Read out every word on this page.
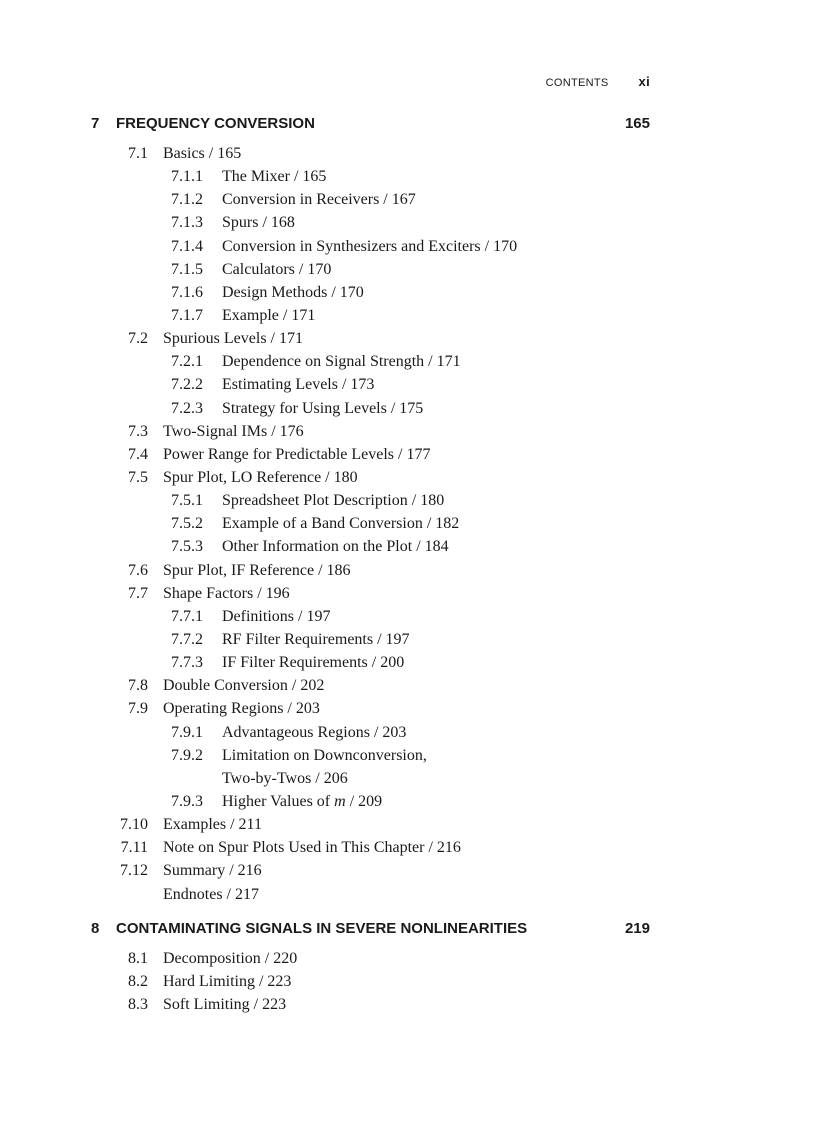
CONTENTS xi
7	FREQUENCY CONVERSION	165
7.1 Basics / 165
7.1.1 The Mixer / 165
7.1.2 Conversion in Receivers / 167
7.1.3 Spurs / 168
7.1.4 Conversion in Synthesizers and Exciters / 170
7.1.5 Calculators / 170
7.1.6 Design Methods / 170
7.1.7 Example / 171
7.2 Spurious Levels / 171
7.2.1 Dependence on Signal Strength / 171
7.2.2 Estimating Levels / 173
7.2.3 Strategy for Using Levels / 175
7.3 Two-Signal IMs / 176
7.4 Power Range for Predictable Levels / 177
7.5 Spur Plot, LO Reference / 180
7.5.1 Spreadsheet Plot Description / 180
7.5.2 Example of a Band Conversion / 182
7.5.3 Other Information on the Plot / 184
7.6 Spur Plot, IF Reference / 186
7.7 Shape Factors / 196
7.7.1 Definitions / 197
7.7.2 RF Filter Requirements / 197
7.7.3 IF Filter Requirements / 200
7.8 Double Conversion / 202
7.9 Operating Regions / 203
7.9.1 Advantageous Regions / 203
7.9.2 Limitation on Downconversion,
Two-by-Twos / 206
7.9.3 Higher Values of m / 209
7.10 Examples / 211
7.11 Note on Spur Plots Used in This Chapter / 216
7.12 Summary / 216
Endnotes / 217
8	CONTAMINATING SIGNALS IN SEVERE NONLINEARITIES	219
8.1 Decomposition / 220
8.2 Hard Limiting / 223
8.3 Soft Limiting / 223
